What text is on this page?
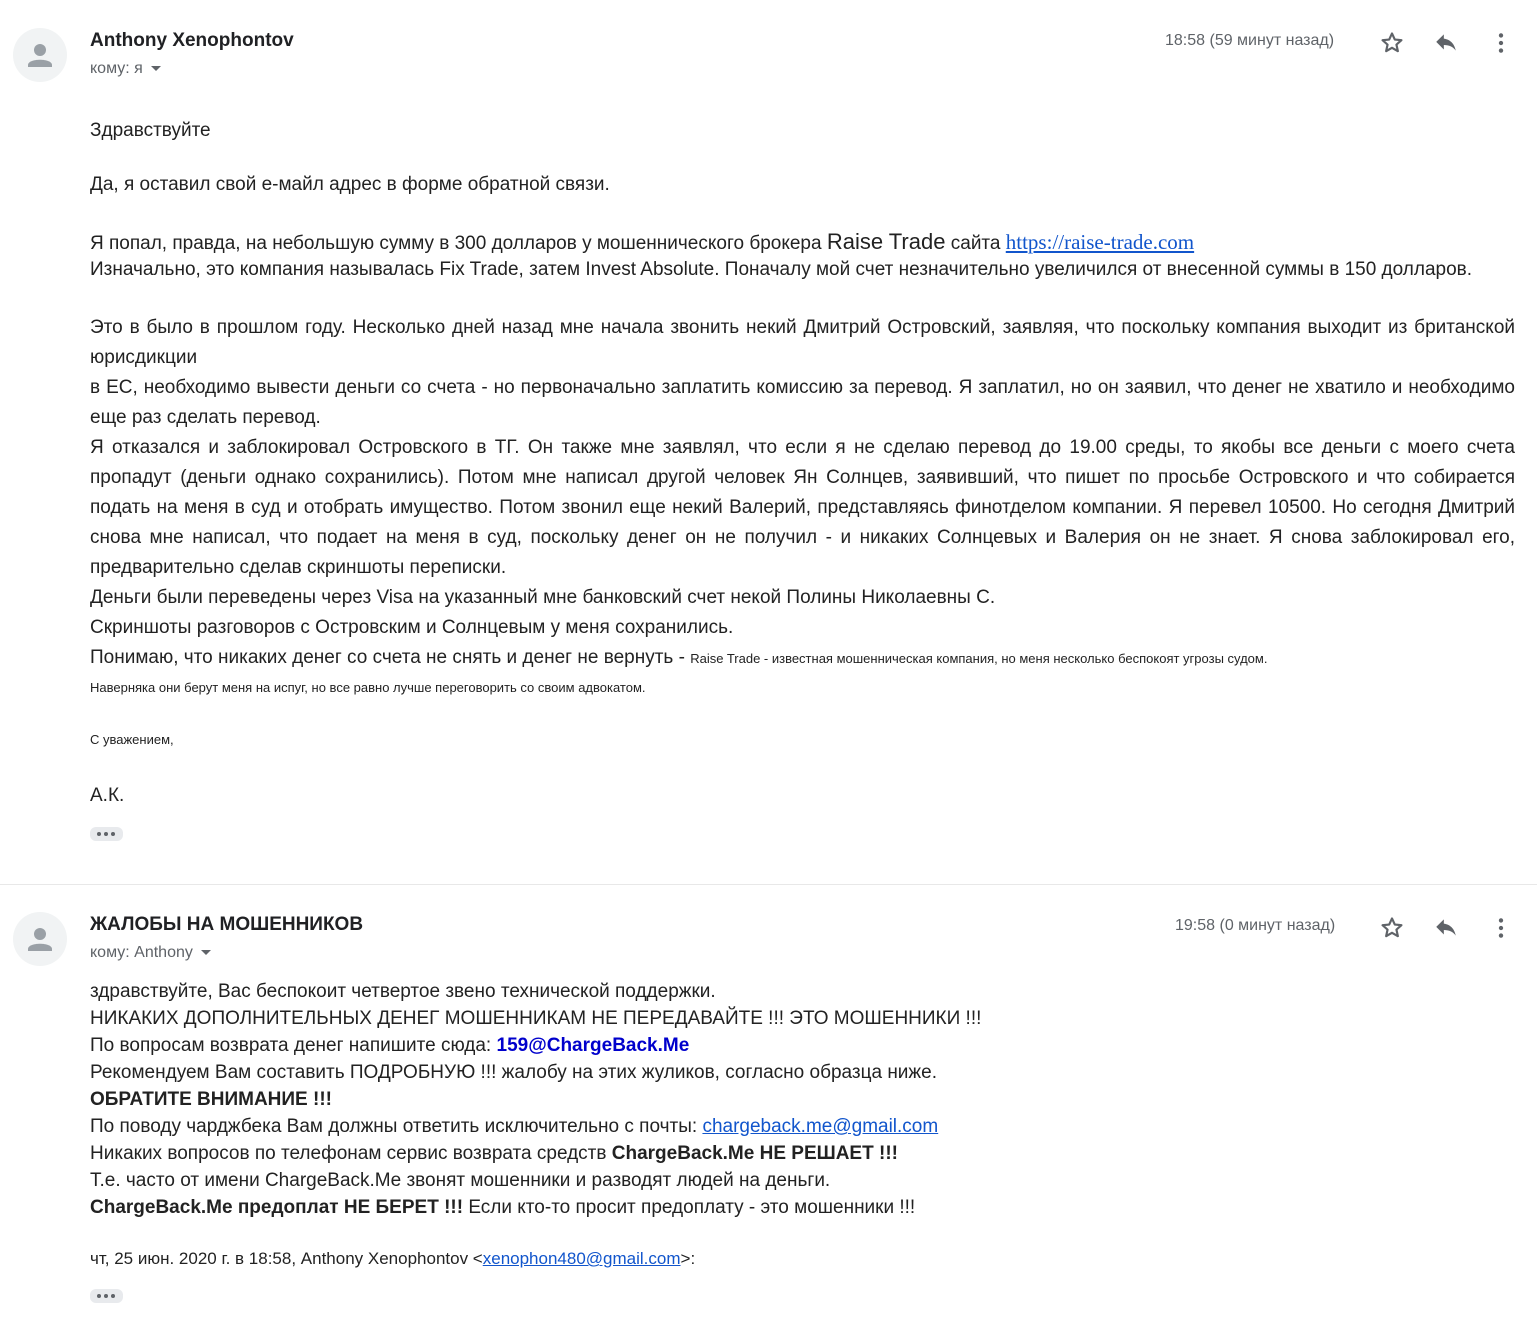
Anthony Xenophontov
кому: я
18:58 (59 минут назад)
Здравствуйте
Да, я оставил свой е-майл адрес в форме обратной связи.
Я попал, правда, на небольшую сумму в 300 долларов у мошеннического брокера Raise Trade сайта https://raise-trade.com
Изначально, это компания называлась Fix Trade, затем Invest Absolute. Поначалу мой счет незначительно увеличился от внесенной суммы в 150 долларов.
Это в было в прошлом году. Несколько дней назад мне начала звонить некий Дмитрий Островский, заявляя, что поскольку компания выходит из британской юрисдикции
в ЕС, необходимо вывести деньги со счета - но первоначально заплатить комиссию за перевод. Я заплатил, но он заявил, что денег не хватило и необходимо еще раз сделать перевод.
Я отказался и заблокировал Островского в ТГ. Он также мне заявлял, что если я не сделаю перевод до 19.00 среды, то якобы все деньги с моего счета пропадут (деньги однако сохранились). Потом мне написал другой человек Ян Солнцев, заявивший, что пишет по просьбе Островского и что собирается подать на меня в суд и отобрать имущество. Потом звонил еще некий Валерий, представляясь финотделом компании. Я перевел 10500. Но сегодня Дмитрий снова мне написал, что подает на меня в суд, поскольку денег он не получил - и никаких Солнцевых и Валерия он не знает. Я снова заблокировал его, предварительно сделав скриншоты переписки.
Деньги были переведены через Visa на указанный мне банковский счет некой Полины Николаевны С.
Скриншоты разговоров с Островским и Солнцевым у меня сохранились.
Понимаю, что никаких денег со счета не снять и денег не вернуть - Raise Trade - известная мошенническая компания, но меня несколько беспокоят угрозы судом.
Наверняка они берут меня на испуг, но все равно лучше переговорить со своим адвокатом.
С уважением,
А.К.
ЖАЛОБЫ НА МОШЕННИКОВ
кому: Anthony
19:58 (0 минут назад)
здравствуйте, Вас беспокоит четвертое звено технической поддержки.
НИКАКИХ ДОПОЛНИТЕЛЬНЫХ ДЕНЕГ МОШЕННИКАМ НЕ ПЕРЕДАВАЙТЕ !!! ЭТО МОШЕННИКИ !!!
По вопросам возврата денег напишите сюда: 159@ChargeBack.Me
Рекомендуем Вам составить ПОДРОБНУЮ !!! жалобу на этих жуликов, согласно образца ниже.
ОБРАТИТЕ ВНИМАНИЕ !!!
По поводу чарджбека Вам должны ответить исключительно с почты: chargeback.me@gmail.com
Никаких вопросов по телефонам сервис возврата средств ChargeBack.Me НЕ РЕШАЕТ !!!
Т.е. часто от имени ChargeBack.Me звонят мошенники и разводят людей на деньги.
ChargeBack.Me предоплат НЕ БЕРЕТ !!! Если кто-то просит предоплату - это мошенники !!!
чт, 25 июн. 2020 г. в 18:58, Anthony Xenophontov <xenophon480@gmail.com>:
